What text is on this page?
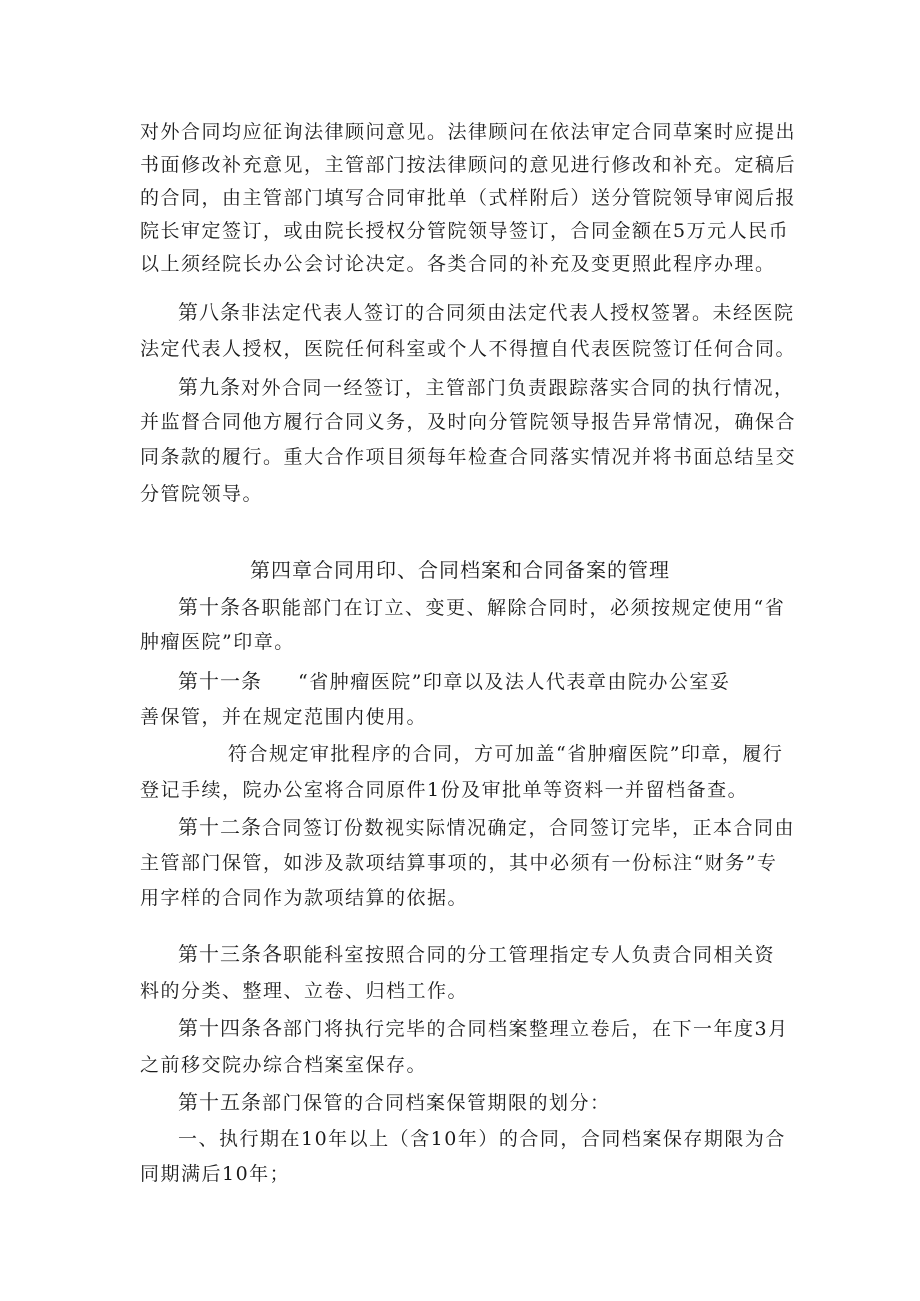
对外合同均应征询法律顾问意见。法律顾问在依法审定合同草案时应提出
书面修改补充意见，主管部门按法律顾问的意见进行修改和补充。定稿后
的合同，由主管部门填写合同审批单（式样附后）送分管院领导审阅后报
院长审定签订，或由院长授权分管院领导签订，合同金额在5万元人民币
以上须经院长办公会讨论决定。各类合同的补充及变更照此程序办理。
第八条非法定代表人签订的合同须由法定代表人授权签署。未经医院
法定代表人授权，医院任何科室或个人不得擅自代表医院签订任何合同。
第九条对外合同一经签订，主管部门负责跟踪落实合同的执行情况，
并监督合同他方履行合同义务，及时向分管院领导报告异常情况，确保合
同条款的履行。重大合作项目须每年检查合同落实情况并将书面总结呈交
分管院领导。
第四章合同用印、合同档案和合同备案的管理
第十条各职能部门在订立、变更、解除合同时，必须按规定使用“省
肿瘤医院”印章。
第十一条 “省肿瘤医院”印章以及法人代表章由院办公室妥
善保管，并在规定范围内使用。
符合规定审批程序的合同，方可加盖“省肿瘤医院”印章，履行
登记手续，院办公室将合同原件1份及审批单等资料一并留档备查。
第十二条合同签订份数视实际情况确定，合同签订完毕，正本合同由
主管部门保管，如涉及款项结算事项的，其中必须有一份标注“财务”专
用字样的合同作为款项结算的依据。
第十三条各职能科室按照合同的分工管理指定专人负责合同相关资
料的分类、整理、立卷、归档工作。
第十四条各部门将执行完毕的合同档案整理立卷后，在下一年度3月
之前移交院办综合档案室保存。
第十五条部门保管的合同档案保管期限的划分：
一、执行期在10年以上（含10年）的合同，合同档案保存期限为合
同期满后10年；
